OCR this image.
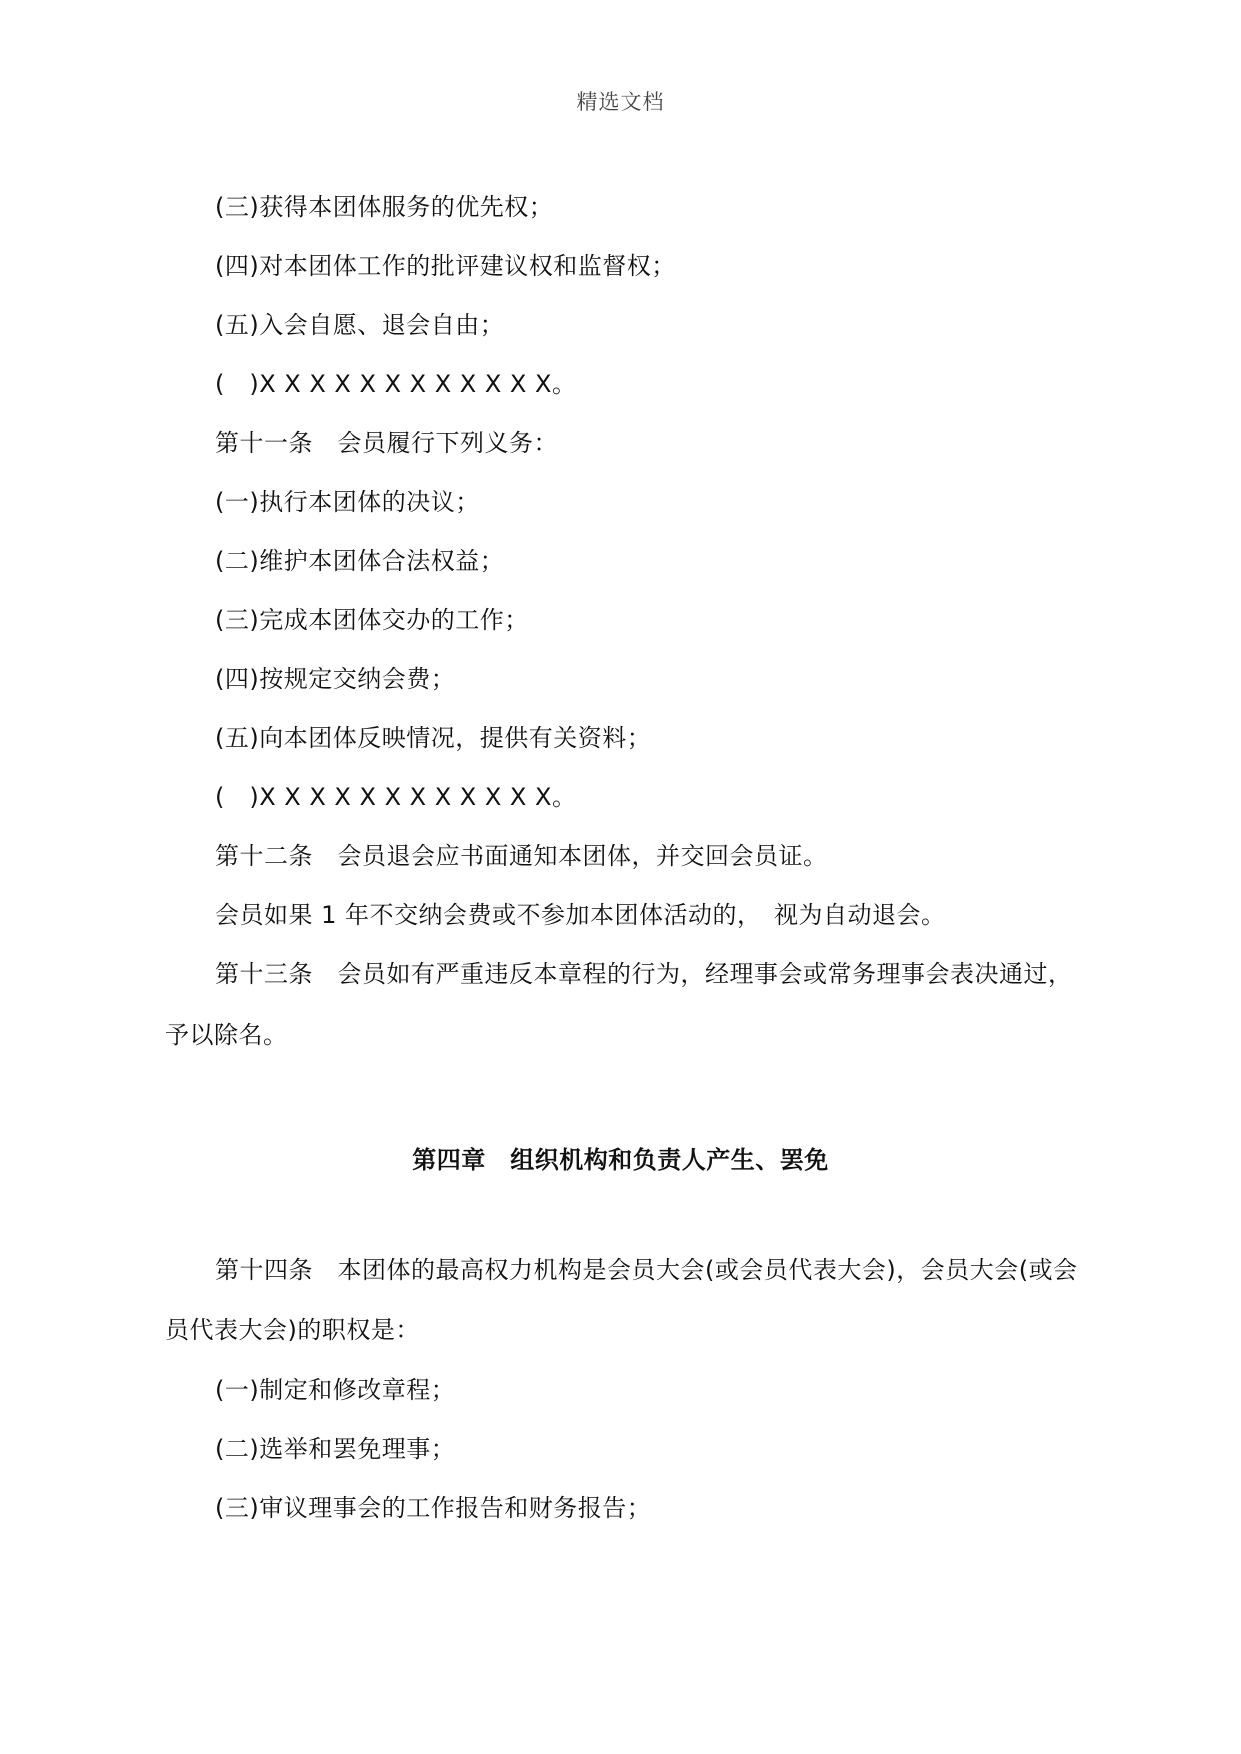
精选文档
(三)获得本团体服务的优先权；
(四)对本团体工作的批评建议权和监督权；
(五)入会自愿、退会自由；
(　)X X X X X X X X X X X X。
第十一条　会员履行下列义务：
(一)执行本团体的决议；
(二)维护本团体合法权益；
(三)完成本团体交办的工作；
(四)按规定交纳会费；
(五)向本团体反映情况，提供有关资料；
(　)X X X X X X X X X X X X。
第十二条　会员退会应书面通知本团体，并交回会员证。
会员如果 1 年不交纳会费或不参加本团体活动的，　视为自动退会。
第十三条　会员如有严重违反本章程的行为，经理事会或常务理事会表决通过，
予以除名。
第四章　组织机构和负责人产生、罢免
第十四条　本团体的最高权力机构是会员大会(或会员代表大会)，会员大会(或会
员代表大会)的职权是：
(一)制定和修改章程；
(二)选举和罢免理事；
(三)审议理事会的工作报告和财务报告；
